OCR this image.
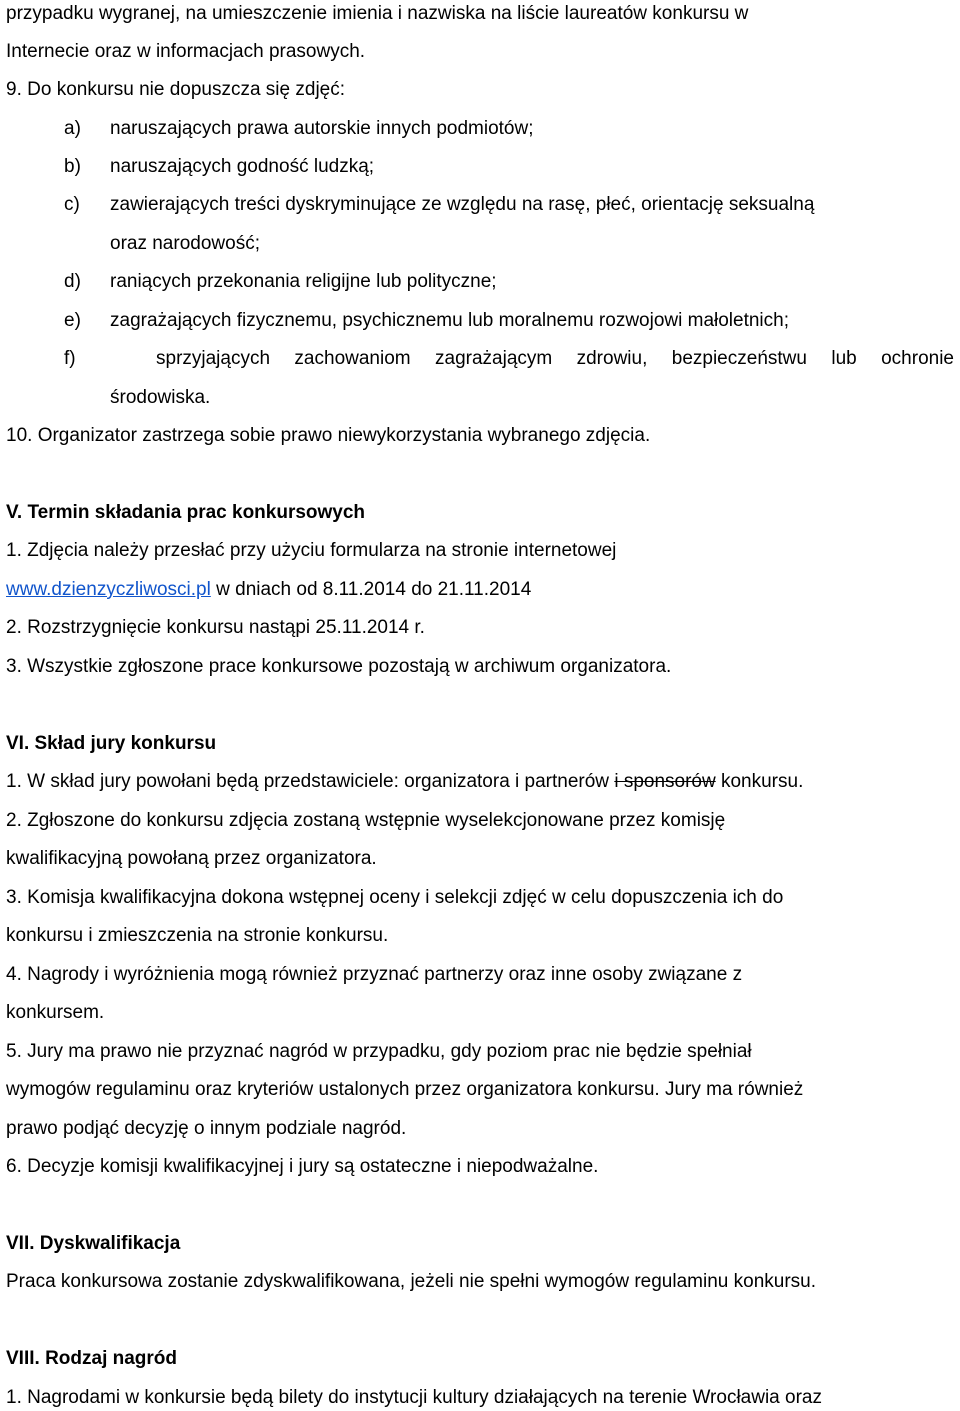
przypadku wygranej, na umieszczenie imienia i nazwiska na liście laureatów konkursu w
Internecie oraz w informacjach prasowych.
9. Do konkursu nie dopuszcza się zdjęć:
a) naruszających prawa autorskie innych podmiotów;
b) naruszających godność ludzką;
c) zawierających treści dyskryminujące ze względu na rasę, płeć, orientację seksualną
oraz narodowość;
d) raniących przekonania religijne lub polityczne;
e) zagrażających fizycznemu, psychicznemu lub moralnemu rozwojowi małoletnich;
f)	sprzyjających zachowaniom zagrażającym zdrowiu, bezpieczeństwu lub ochronie
środowiska.
10. Organizator zastrzega sobie prawo niewykorzystania wybranego zdjęcia.
V. Termin składania prac konkursowych
1. Zdjęcia należy przesłać przy użyciu formularza na stronie internetowej
www.dzienzyczliwosci.pl w dniach od 8.11.2014 do 21.11.2014
2. Rozstrzygnięcie konkursu nastąpi 25.11.2014 r.
3. Wszystkie zgłoszone prace konkursowe pozostają w archiwum organizatora.
VI. Skład jury konkursu
1. W skład jury powołani będą przedstawiciele: organizatora i partnerów i sponsorów konkursu.
2. Zgłoszone do konkursu zdjęcia zostaną wstępnie wyselekcjonowane przez komisję
kwalifikacyjną powołaną przez organizatora.
3. Komisja kwalifikacyjna dokona wstępnej oceny i selekcji zdjęć w celu dopuszczenia ich do
konkursu i zmieszczenia na stronie konkursu.
4. Nagrody i wyróżnienia mogą również przyznać partnerzy oraz inne osoby związane z
konkursem.
5. Jury ma prawo nie przyznać nagród w przypadku, gdy poziom prac nie będzie spełniał
wymogów regulaminu oraz kryteriów ustalonych przez organizatora konkursu. Jury ma również
prawo podjąć decyzję o innym podziale nagród.
6. Decyzje komisji kwalifikacyjnej i jury są ostateczne i niepodważalne.
VII. Dyskwalifikacja
Praca konkursowa zostanie zdyskwalifikowana, jeżeli nie spełni wymogów regulaminu konkursu.
VIII. Rodzaj nagród
1. Nagrodami w konkursie będą bilety do instytucji kultury działających na terenie Wrocławia oraz
